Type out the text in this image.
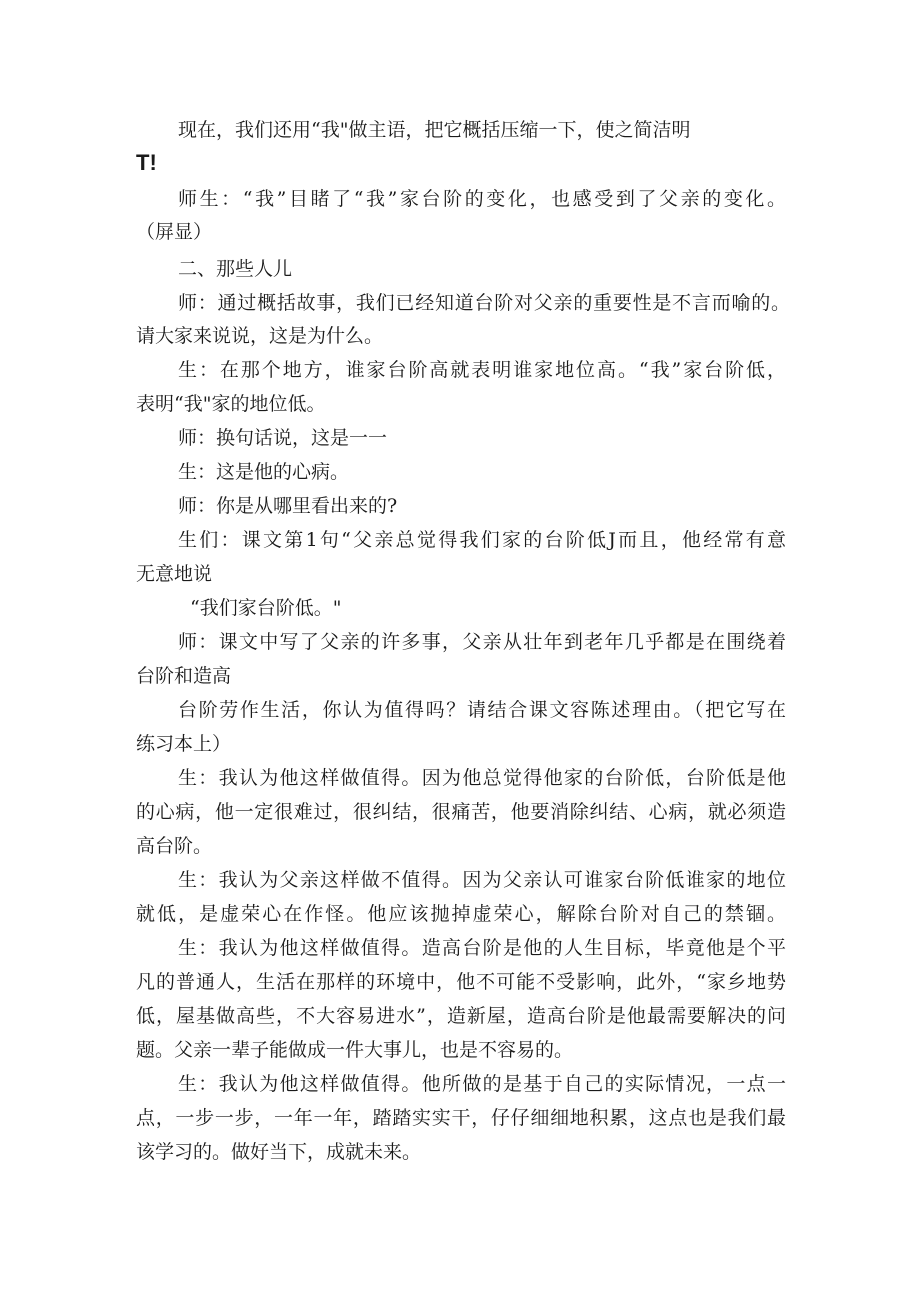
现在，我们还用“我"做主语，把它概括压缩一下，使之简洁明
T!
师生：“我”目睹了“我”家台阶的变化，也感受到了父亲的变化。
（屏显）
二、那些人儿
师：通过概括故事，我们已经知道台阶对父亲的重要性是不言而喻的。
请大家来说说，这是为什么。
生：在那个地方，谁家台阶高就表明谁家地位高。“我”家台阶低，
表明“我"家的地位低。
师：换句话说，这是一一
生：这是他的心病。
师：你是从哪里看出来的?
生们：课文第1句“父亲总觉得我们家的台阶低J而且，他经常有意
无意地说
“我们家台阶低。"
师：课文中写了父亲的许多事，父亲从壮年到老年几乎都是在围绕着
台阶和造高
台阶劳作生活，你认为值得吗？请结合课文容陈述理由。（把它写在
练习本上）
生：我认为他这样做值得。因为他总觉得他家的台阶低，台阶低是他
的心病，他一定很难过，很纠结，很痛苦，他要消除纠结、心病，就必须造
高台阶。
生：我认为父亲这样做不值得。因为父亲认可谁家台阶低谁家的地位
就低，是虚荣心在作怪。他应该抛掉虚荣心，解除台阶对自己的禁锢。
生：我认为他这样做值得。造高台阶是他的人生目标，毕竟他是个平
凡的普通人，生活在那样的环境中，他不可能不受影响，此外，“家乡地势
低，屋基做高些，不大容易进水”，造新屋，造高台阶是他最需要解决的问
题。父亲一辈子能做成一件大事儿，也是不容易的。
生：我认为他这样做值得。他所做的是基于自己的实际情况，一点一
点，一步一步，一年一年，踏踏实实干，仔仔细细地积累，这点也是我们最
该学习的。做好当下，成就未来。
